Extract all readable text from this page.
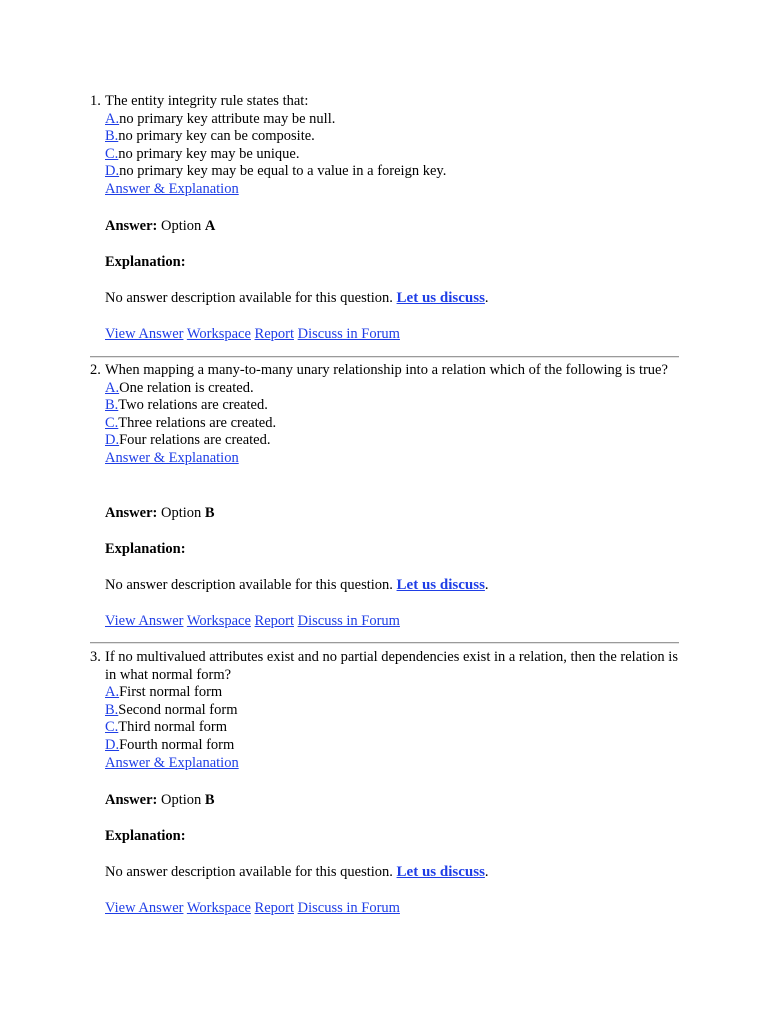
1. The entity integrity rule states that:
A.no primary key attribute may be null.
B.no primary key can be composite.
C.no primary key may be unique.
D.no primary key may be equal to a value in a foreign key.
Answer & Explanation
Answer: Option A
Explanation:
No answer description available for this question. Let us discuss.
View Answer Workspace Report Discuss in Forum
2. When mapping a many-to-many unary relationship into a relation which of the following is true?
A.One relation is created.
B.Two relations are created.
C.Three relations are created.
D.Four relations are created.
Answer & Explanation
Answer: Option B
Explanation:
No answer description available for this question. Let us discuss.
View Answer Workspace Report Discuss in Forum
3. If no multivalued attributes exist and no partial dependencies exist in a relation, then the relation is in what normal form?
A.First normal form
B.Second normal form
C.Third normal form
D.Fourth normal form
Answer & Explanation
Answer: Option B
Explanation:
No answer description available for this question. Let us discuss.
View Answer Workspace Report Discuss in Forum
